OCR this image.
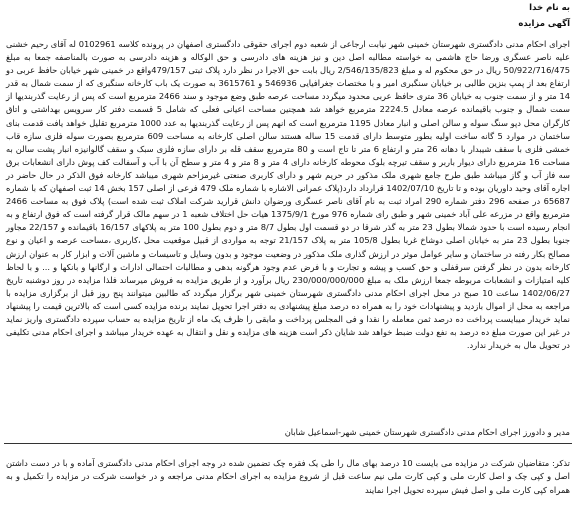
به نام خدا
آگهی مزایده
اجرای احکام مدنی دادگستری شهرستان خمینی شهر نیابت ارجاعی از شعبه دوم اجرای حقوقی دادگستری اصفهان در پرونده کلاسه 0102961 له آقای رحیم خشنی علیه ناصر عسگری ورضا حاج هاشمی به خواسته مطالبه اصل دین و نیز هزینه های دادرسی و حق الوکاله و هزینه دادرسی به صورت بالمناصفه جمعا به مبلغ 50/922/716/475 ریال در حق محکوم له و مبلغ 2/546/135/823 ریال بابت حق الاجرا در نظر دارد پلاک ثبتی 479/157واقع در خمینی شهر خیابان حافظ عربی دو ارتفاع بعد از پمپ بنزین طالبی بر خیابان سنگبری امیر و با مختصات جغرافیایی 546936 و 3615761 به صورت یک باب کارخانه سنگبری که از سمت شمال به قدر 14 متر و از سمت جنوب به خیابان 36 متری حافظ عربی محدود میگردد مساحت عرصه طبق وضع موجود و سند 2466 مترمربع است که پس از رعایت گذربندیها از سمت شمال و جنوب باقیمانده عرصه معادل 2224.5 مترمربع خواهد شد همچنین مساحت اعیانی فعلی که شامل 5 قسمت دفتر کار سرویس بهداشتی و اتاق کارگران محل دپو سنگ سوله و سالن اصلی و انبار معادل 1195 مترمربع است که انهم پس از رعایت گذربندیها به عدد 1000 مترمربع تقلیل خواهد یافت قدمت بنای ساختمان در موارد 5 گانه ساخت اولیه بطور متوسط دارای قدمت 15 ساله هستند سالن اصلی کارخانه به مساحت 609 مترمربع بصورت سوله فلزی سازه قاب خمشی فلزی با سقف شیبدار با دهانه 26 متر و ارتفاع 6 متر تا تاج است و 80 مترمربع سقف قله بر دارای سازه فلزی سبک و سقف گالوانیزه انبار پشت سالن به مساحت 16 مترمربع دارای دیوار باربر و سقف تیرچه بلوک محوطه کارخانه دارای 4 متر و 8 متر و 4 متر و سطح آن با آب و آسفالت کف پوش دارای انشعابات برق سه فاز آب و گاز میباشد طبق طرح جامع شهری ملک مذکور در حریم شهر و دارای کاربری صنعتی غیرمزاحم شهری میباشد کارخانه فوق الذکر در حال حاضر در اجاره آقای وحید داوریان بوده و تا تاریخ 1402/07/10 قرارداد دارد(پلاک عمرانی الاشاره با شماره ملک 479 فرعی از اصلی 157 بخش 14 ثبت اصفهان که با شماره 65687 در صفحه 296 دفتر شماره 290 امراد ثبت به نام آقای ناصر عسگری ورضوان دانش قرارید شرکت املاک ثبت شده است) پلاک فوق به مساحت 2466 مترمربع واقع در مزرعه علی آباد خمینی شهر و طبق رای شماره 976 مورخ 1375/9/1 هیات حل اختلاف شعبه 1 در سهم مالک قرار گرفته است که فوق ارتفاع و به انجام رسیده است با حدود شمالا بطول 23 متر به گذر شرقا در دو قسمت اول بطول 8/7 متر و دوم بطول 100 متر به پلاکهای 16/157 باقیمانده و 22/157 مجاور جنوبا بطول 23 متر به خیابان اصلی دوشاخ غربا بطول 105/8 متر به پلاک 21/157 توجه به مواردی از قبیل موقعیت محل ،کاربری ،مساحت عرصه و اعیان و نوع مصالح بکار رفته در ساختمان و سایر عوامل موثر در ارزش گذاری ملک مذکور در وضعیت موجود و بدون وسایل و تاسیسات و ماشین آلات و ابزار کار به عنوان ارزش کارخانه بدون در نظر گرفتن سرقفلی و حق کسب و پیشه و تجارت و با فرض عدم وجود هرگونه بدهی و مطالبات احتمالی ادارات و ارگانها و بانکها و ... و با لحاظ کلیه امتیازات و انشعابات مربوطه جمعا ارزش ملک به مبلغ 230/000/000/000 ریال برآورد و از طریق مزایده به فروش میرساند فلذا مزایده در روز دوشنبه تاریخ 1402/06/27 ساعت 10 صبح در محل اجرای احکام مدنی دادگستری شهرستان خمینی شهر برگزار میگردد که طالبین میتوانند پنج روز قبل از برگزاری مزایده با مراجعه به محل از اموال بازدید و پیشنهادات خود را به همراه ده درصد مبلغ پیشنهادی به دفتر اجرا تحویل نمایند برنده مزایده کسی است که بالاترین قیمت را پیشنهاد نماید خریدار میبایست پرداخت ده درصد ثمن معامله را نقدا و فی المجلس پرداخت و مابقی را ظرف یک ماه از تاریخ مزایده به حساب سپرده دادگستری واریز نماید در غیر این صورت مبلغ ده درصد به نفع دولت ضبط خواهد شد شایان ذکر است هزینه های مزایده و نقل و انتقال به عهده خریدار میباشد و اجرای احکام مدنی تکلیفی در تحویل مال به خریدار ندارد.
مدیر و دادورز اجرای احکام مدنی دادگستری شهرستان خمینی شهر-اسماعیل شابان
تذکر: متقاضیان شرکت در مزایده می بایست 10 درصد بهای مال را طی یک فقره چک تضمین شده در وجه اجرای احکام مدنی دادگستری آماده و با در دست داشتن اصل و کپی چک و اصل کارت ملی و کپی کارت ملی نیم ساعت قبل از شروع مزایده به اجرای احکام مدنی مراجعه و در خواست شرکت در مزایده را تکمیل و به همراه کپی کارت ملی و اصل فیش سپرده تحویل اجرا نمایند
